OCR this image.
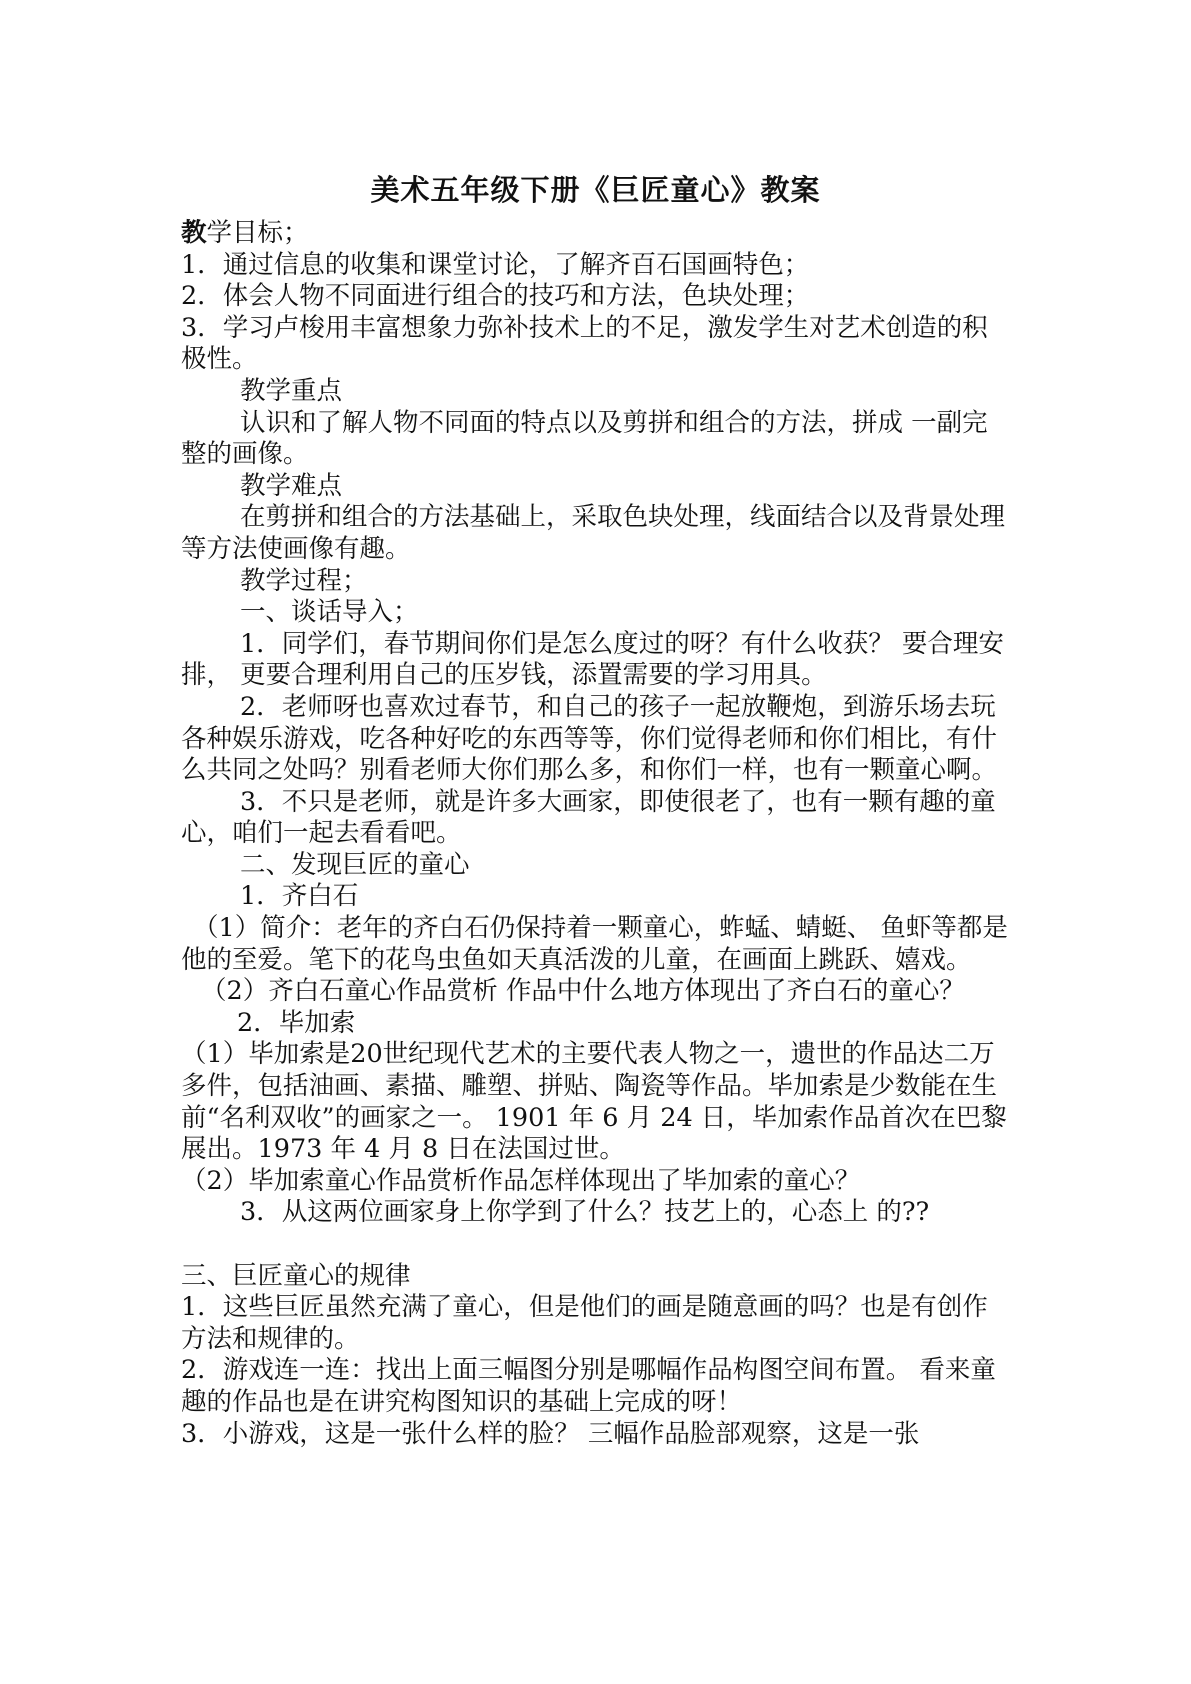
美术五年级下册《巨匠童心》教案

教学目标；

1．通过信息的收集和课堂讨论，了解齐百石国画特色；

2．体会人物不同面进行组合的技巧和方法，色块处理；

3．学习卢梭用丰富想象力弥补技术上的不足，激发学生对艺术创造的积极性。

教学重点

认识和了解人物不同面的特点以及剪拼和组合的方法，拼成 一副完整的画像。

教学难点

在剪拼和组合的方法基础上，采取色块处理，线面结合以及背景处理等方法使画像有趣。

教学过程；

一、谈话导入；

1．同学们，春节期间你们是怎么度过的呀？有什么收获？ 要合理安排， 更要合理利用自己的压岁钱，添置需要的学习用具。

2．老师呀也喜欢过春节，和自己的孩子一起放鞭炮，到游乐场去玩各种娱乐游戏，吃各种好吃的东西等等，你们觉得老师和你们相比，有什么共同之处吗？别看老师大你们那么多，和你们一样，也有一颗童心啊。

3．不只是老师，就是许多大画家，即使很老了，也有一颗有趣的童心，咱们一起去看看吧。

二、发现巨匠的童心

1．齐白石

（1）简介：老年的齐白石仍保持着一颗童心，蚱蜢、蜻蜓、 鱼虾等都是他的至爱。笔下的花鸟虫鱼如天真活泼的儿童，在画面上跳跃、嬉戏。

（2）齐白石童心作品赏析 作品中什么地方体现出了齐白石的童心？

2．毕加索

（1）毕加索是20世纪现代艺术的主要代表人物之一，遗世的作品达二万多件，包括油画、素描、雕塑、拼贴、陶瓷等作品。毕加索是少数能在生前“名利双收”的画家之一。 1901 年 6 月 24 日，毕加索作品首次在巴黎展出。1973 年 4 月 8 日在法国过世。

（2）毕加索童心作品赏析作品怎样体现出了毕加索的童心？

3．从这两位画家身上你学到了什么？技艺上的，心态上 的??

三、巨匠童心的规律

1．这些巨匠虽然充满了童心，但是他们的画是随意画的吗？也是有创作方法和规律的。

2．游戏连一连：找出上面三幅图分别是哪幅作品构图空间布置。 看来童趣的作品也是在讲究构图知识的基础上完成的呀！

3．小游戏，这是一张什么样的脸？ 三幅作品脸部观察，这是一张
